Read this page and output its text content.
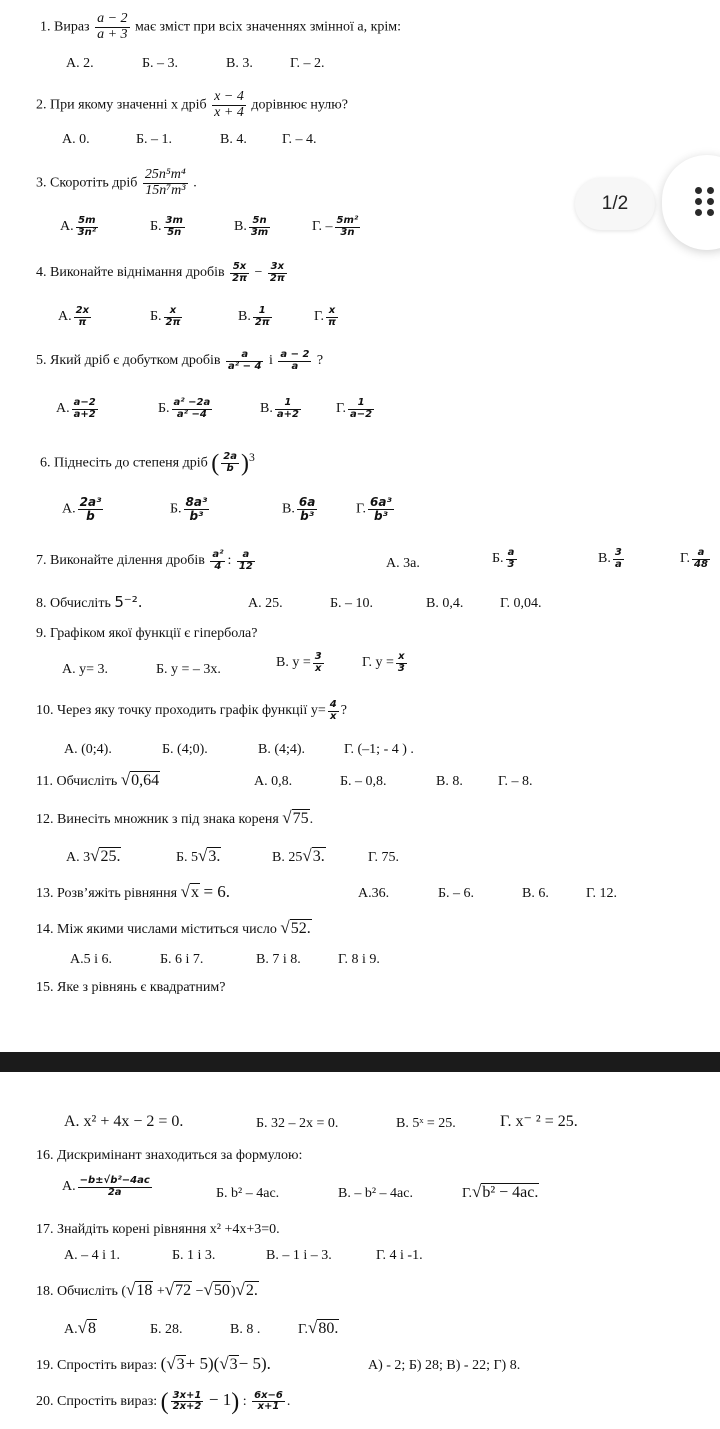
1. Вираз $\frac{a - 2}{a + 3}$ має зміст при всіх значеннях змінної a, крім:
А. 2.	Б. – 3.	В. 3.	Г. – 2.
2. При якому значенні x дріб $\frac{x - 4}{x + 4}$ дорівнює нулю?
А. 0.	Б. – 1.	В. 4.	Г. – 4.
3. Скоротіть дріб $\frac{\text{25n⁵m⁴}}{\text{15n⁷m³}}$ .
А. $\frac{5m}{\text{3n²}}$	Б. $\frac{3m}{5n}$	В. $\frac{5n}{3m}$	Г. – $\frac{\text{5m²}}{3n}$
4. Виконайте віднімання дробів $\frac{5x}{2\pi} - \frac{3x}{2\pi}$
А. $\frac{2x}{\pi}$	Б. $\frac{x}{2\pi}$	В. $\frac{1}{2\pi}$	Г. $\frac{x}{\pi}$
5. Який дріб є добутком дробів $\frac{a}{\text{a² − 4}}$ і $\frac{a - 2}{a}$ ?
А. $\frac{a-2}{a+2}$	Б. $\frac{\text{a² −2a}}{\text{a² −4}}$	В. $\frac{1}{a+2}$	Г. $\frac{1}{a-2}$
6. Піднесіть до степеня дріб ( $\frac{2a}{b} )^3$
А. $\frac{\text{2a³}}{b}$	Б. $\frac{\text{8a³}}{\text{b³}}$	В. $\frac{6a}{\text{b³}}$	Г. $\frac{\text{6a³}}{\text{b³}}$
7. Виконайте ділення дробів $\frac{\text{a²}}{4}$ : $\frac{a}{12}$	А. 3a.	Б. $\frac{a}{3}$	В. $\frac{3}{a}$	Г. $\frac{a}{48}$
8. Обчисліть 5⁻².	А. 25.	Б. – 10.	В. 0,4.	Г. 0,04.
9. Графіком якої функції є гіпербола?
А. y= 3.	Б. y = – 3x.	В. $y = \frac{3}{x}$	Г. $y = \frac{x}{3}$
10. Через яку точку проходить графік функції $y= \frac{4}{x}$ ?
А. (0;4).	Б. (4;0).	В. (4;4).	Г. (–1; - 4 ) .
11. Обчисліть √0,64	А. 0,8.	Б. – 0,8.	В. 8.	Г. – 8.
12. Винесіть множник з під знака кореня √75.
А. 3√25.	Б. 5√3.	В. 25√3.	Г. 75.
13. Розв’яжіть рівняння √x = 6.	А.36.	Б. – 6.	В. 6.	Г. 12.
14. Між якими числами міститься число √52.
А.5 і 6.	Б. 6 і 7.	В. 7 і 8.	Г. 8 і 9.
15. Яке з рівнянь є квадратним?
А. x² + 4x − 2 = 0.	Б. 32 – 2x = 0.	В. 5ˣ = 25.	Г. x⁻ ² = 25.
16. Дискримінант знаходиться за формулою:
А. $\frac{\text{−b±√b²−4ac}}{2a}$	Б. b² – 4ac.	В. – b² – 4ac.	Г.√b² − 4ac.
17. Знайдіть корені рівняння x² +4x+3=0.
А. – 4 і 1.	Б. 1 і 3.	В. – 1 і – 3.	Г. 4 і -1.
18. Обчисліть (√18 +√72 −√50)√2.
А.√8	Б. 28.	В. 8 .	Г.√80.
19. Спростіть вираз: (√3+ 5)(√3− 5).	А) - 2; Б) 28; В) - 22; Г) 8.
20. Спростіть вираз: ( $\frac{3x+1}{2x+2} - 1$) : $\frac{6x-6}{x+1}$ .
1/2
